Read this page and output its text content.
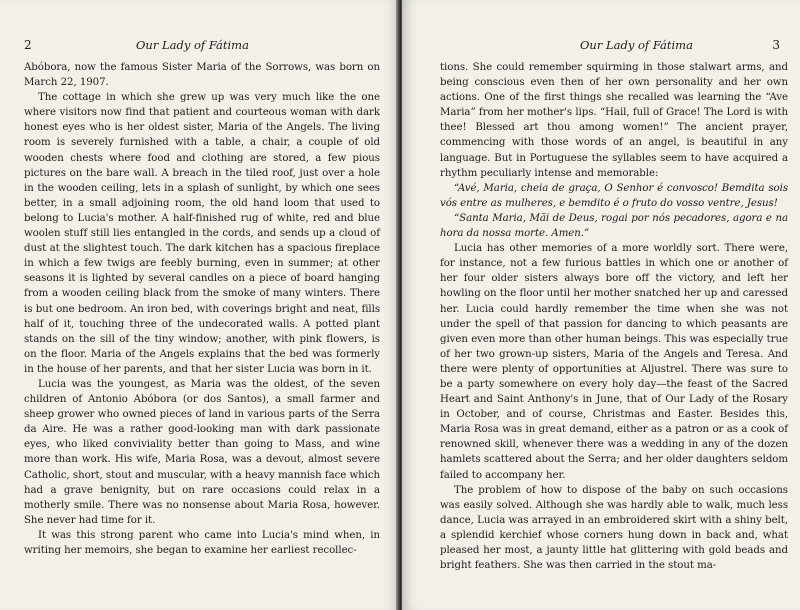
2	Our Lady of Fátima

Abóbora, now the famous Sister Maria of the Sorrows, was born on March 22, 1907.

The cottage in which she grew up was very much like the one where visitors now find that patient and courteous woman with dark honest eyes who is her oldest sister, Maria of the Angels. The living room is severely furnished with a table, a chair, a couple of old wooden chests where food and clothing are stored, a few pious pictures on the bare wall. A breach in the tiled roof, just over a hole in the wooden ceiling, lets in a splash of sunlight, by which one sees better, in a small adjoining room, the old hand loom that used to belong to Lucia's mother. A half-finished rug of white, red and blue woolen stuff still lies entangled in the cords, and sends up a cloud of dust at the slightest touch. The dark kitchen has a spacious fireplace in which a few twigs are feebly burning, even in summer; at other seasons it is lighted by several candles on a piece of board hanging from a wooden ceiling black from the smoke of many winters. There is but one bedroom. An iron bed, with coverings bright and neat, fills half of it, touching three of the undecorated walls. A potted plant stands on the sill of the tiny window; another, with pink flowers, is on the floor. Maria of the Angels explains that the bed was formerly in the house of her parents, and that her sister Lucia was born in it.

Lucia was the youngest, as Maria was the oldest, of the seven children of Antonio Abóbora (or dos Santos), a small farmer and sheep grower who owned pieces of land in various parts of the Serra da Aire. He was a rather good-looking man with dark passionate eyes, who liked conviviality better than going to Mass, and wine more than work. His wife, Maria Rosa, was a devout, almost severe Catholic, short, stout and muscular, with a heavy mannish face which had a grave benignity, but on rare occasions could relax in a motherly smile. There was no nonsense about Maria Rosa, however. She never had time for it.

It was this strong parent who came into Lucia's mind when, in writing her memoirs, she began to examine her earliest recollec-

Our Lady of Fátima	3

tions. She could remember squirming in those stalwart arms, and being conscious even then of her own personality and her own actions. One of the first things she recalled was learning the “Ave Maria” from her mother's lips. “Hail, full of Grace! The Lord is with thee! Blessed art thou among women!” The ancient prayer, commencing with those words of an angel, is beautiful in any language. But in Portuguese the syllables seem to have acquired a rhythm peculiarly intense and memorable:

“Avé, Maria, cheia de graça, O Senhor é convosco! Bemdita sois vós entre as mulheres, e bemdito é o fruto do vosso ventre, Jesus!

“Santa Maria, Mãi de Deus, rogai por nós pecadores, agora e na hora da nossa morte. Amen.”

Lucia has other memories of a more worldly sort. There were, for instance, not a few furious battles in which one or another of her four older sisters always bore off the victory, and left her howling on the floor until her mother snatched her up and caressed her. Lucia could hardly remember the time when she was not under the spell of that passion for dancing to which peasants are given even more than other human beings. This was especially true of her two grown-up sisters, Maria of the Angels and Teresa. And there were plenty of opportunities at Aljustrel. There was sure to be a party somewhere on every holy day—the feast of the Sacred Heart and Saint Anthony's in June, that of Our Lady of the Rosary in October, and of course, Christmas and Easter. Besides this, Maria Rosa was in great demand, either as a patron or as a cook of renowned skill, whenever there was a wedding in any of the dozen hamlets scattered about the Serra; and her older daughters seldom failed to accompany her.

The problem of how to dispose of the baby on such occasions was easily solved. Although she was hardly able to walk, much less dance, Lucia was arrayed in an embroidered skirt with a shiny belt, a splendid kerchief whose corners hung down in back and, what pleased her most, a jaunty little hat glittering with gold beads and bright feathers. She was then carried in the stout ma-
